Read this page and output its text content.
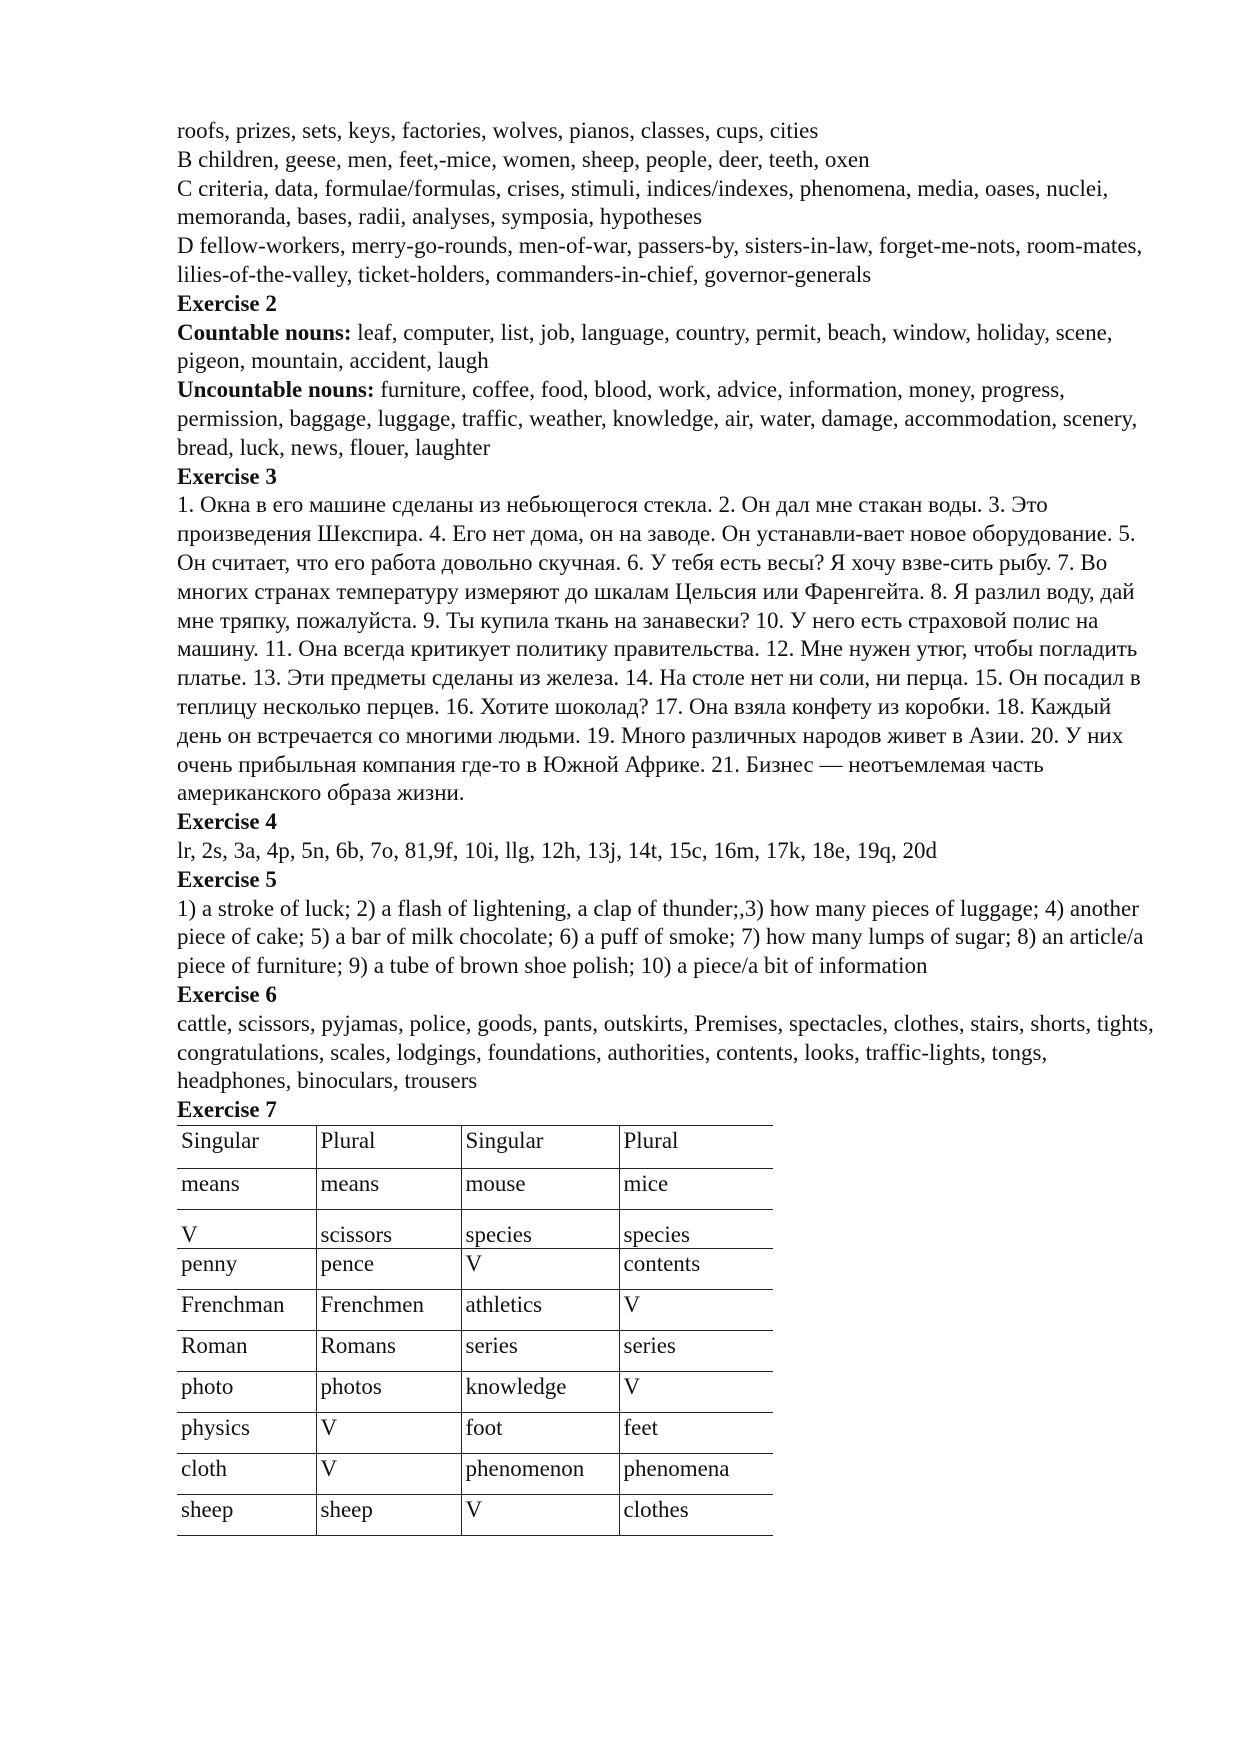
roofs, prizes, sets, keys, factories, wolves, pianos, classes, cups, cities

B children, geese, men, feet,-mice, women, sheep, people, deer, teeth, oxen

C criteria, data, formulae/formulas, crises, stimuli, indices/indexes, phenomena, media, oases, nuclei, memoranda, bases, radii, analyses, symposia, hypotheses

D fellow-workers, merry-go-rounds, men-of-war, passers-by, sisters-in-law, forget-me-nots, room-mates, lilies-of-the-valley, ticket-holders, commanders-in-chief, governor-generals

Exercise 2

Countable nouns: leaf, computer, list, job, language, country, permit, beach, window, holiday, scene, pigeon, mountain, accident, laugh

Uncountable nouns: furniture, coffee, food, blood, work, advice, information, money, progress, permission, baggage, luggage, traffic, weather, knowledge, air, water, damage, accommodation, scenery, bread, luck, news, flouer, laughter

Exercise 3

1. Окна в его машине сделаны из небьющегося стекла. 2. Он дал мне стакан воды. 3. Это произведения Шекспира. 4. Его нет дома, он на заводе. Он устанавли-вает новое оборудование. 5. Он считает, что его работа довольно скучная. 6. У тебя есть весы? Я хочу взве-сить рыбу. 7. Во многих странах температуру измеряют до шкалам Цельсия или Фаренгейта. 8. Я разлил воду, дай мне тряпку, пожалуйста. 9. Ты купила ткань на занавески? 10. У него есть страховой полис на машину. 11. Она всегда критикует политику правительства. 12. Мне нужен утюг, чтобы погладить платье. 13. Эти предметы сделаны из железа. 14. На столе нет ни соли, ни перца. 15. Он посадил в теплицу несколько перцев. 16. Хотите шоколад? 17. Она взяла конфету из коробки. 18. Каждый день он встречается со многими людьми. 19. Много различных народов живет в Азии. 20. У них очень прибыльная компания где-то в Южной Африке. 21. Бизнес — неотъемлемая часть американского образа жизни.

Exercise 4

lr, 2s, 3a, 4p, 5n, 6b, 7o, 81,9f, 10i, llg, 12h, 13j, 14t, 15c, 16m, 17k, 18e, 19q, 20d

Exercise 5

1) a stroke of luck; 2) a flash of lightening, a clap of thunder;,3) how many pieces of luggage; 4) another piece of cake; 5) a bar of milk chocolate; 6) a puff of smoke; 7) how many lumps of sugar; 8) an article/a piece of furniture; 9) a tube of brown shoe polish; 10) a piece/a bit of information

Exercise 6

cattle, scissors, pyjamas, police, goods, pants, outskirts, Premises, spectacles, clothes, stairs, shorts, tights, congratulations, scales, lodgings, foundations, authorities, contents, looks, traffic-lights, tongs, headphones, binoculars, trousers

Exercise 7

Singular	Plural	Singular	Plural
means	means	mouse	mice
V	scissors	species	species
penny	pence	V	contents
Frenchman	Frenchmen	athletics	V
Roman	Romans	series	series
photo	photos	knowledge	V
physics	V	foot	feet
cloth	V	phenomenon	phenomena
sheep	sheep	V	clothes
